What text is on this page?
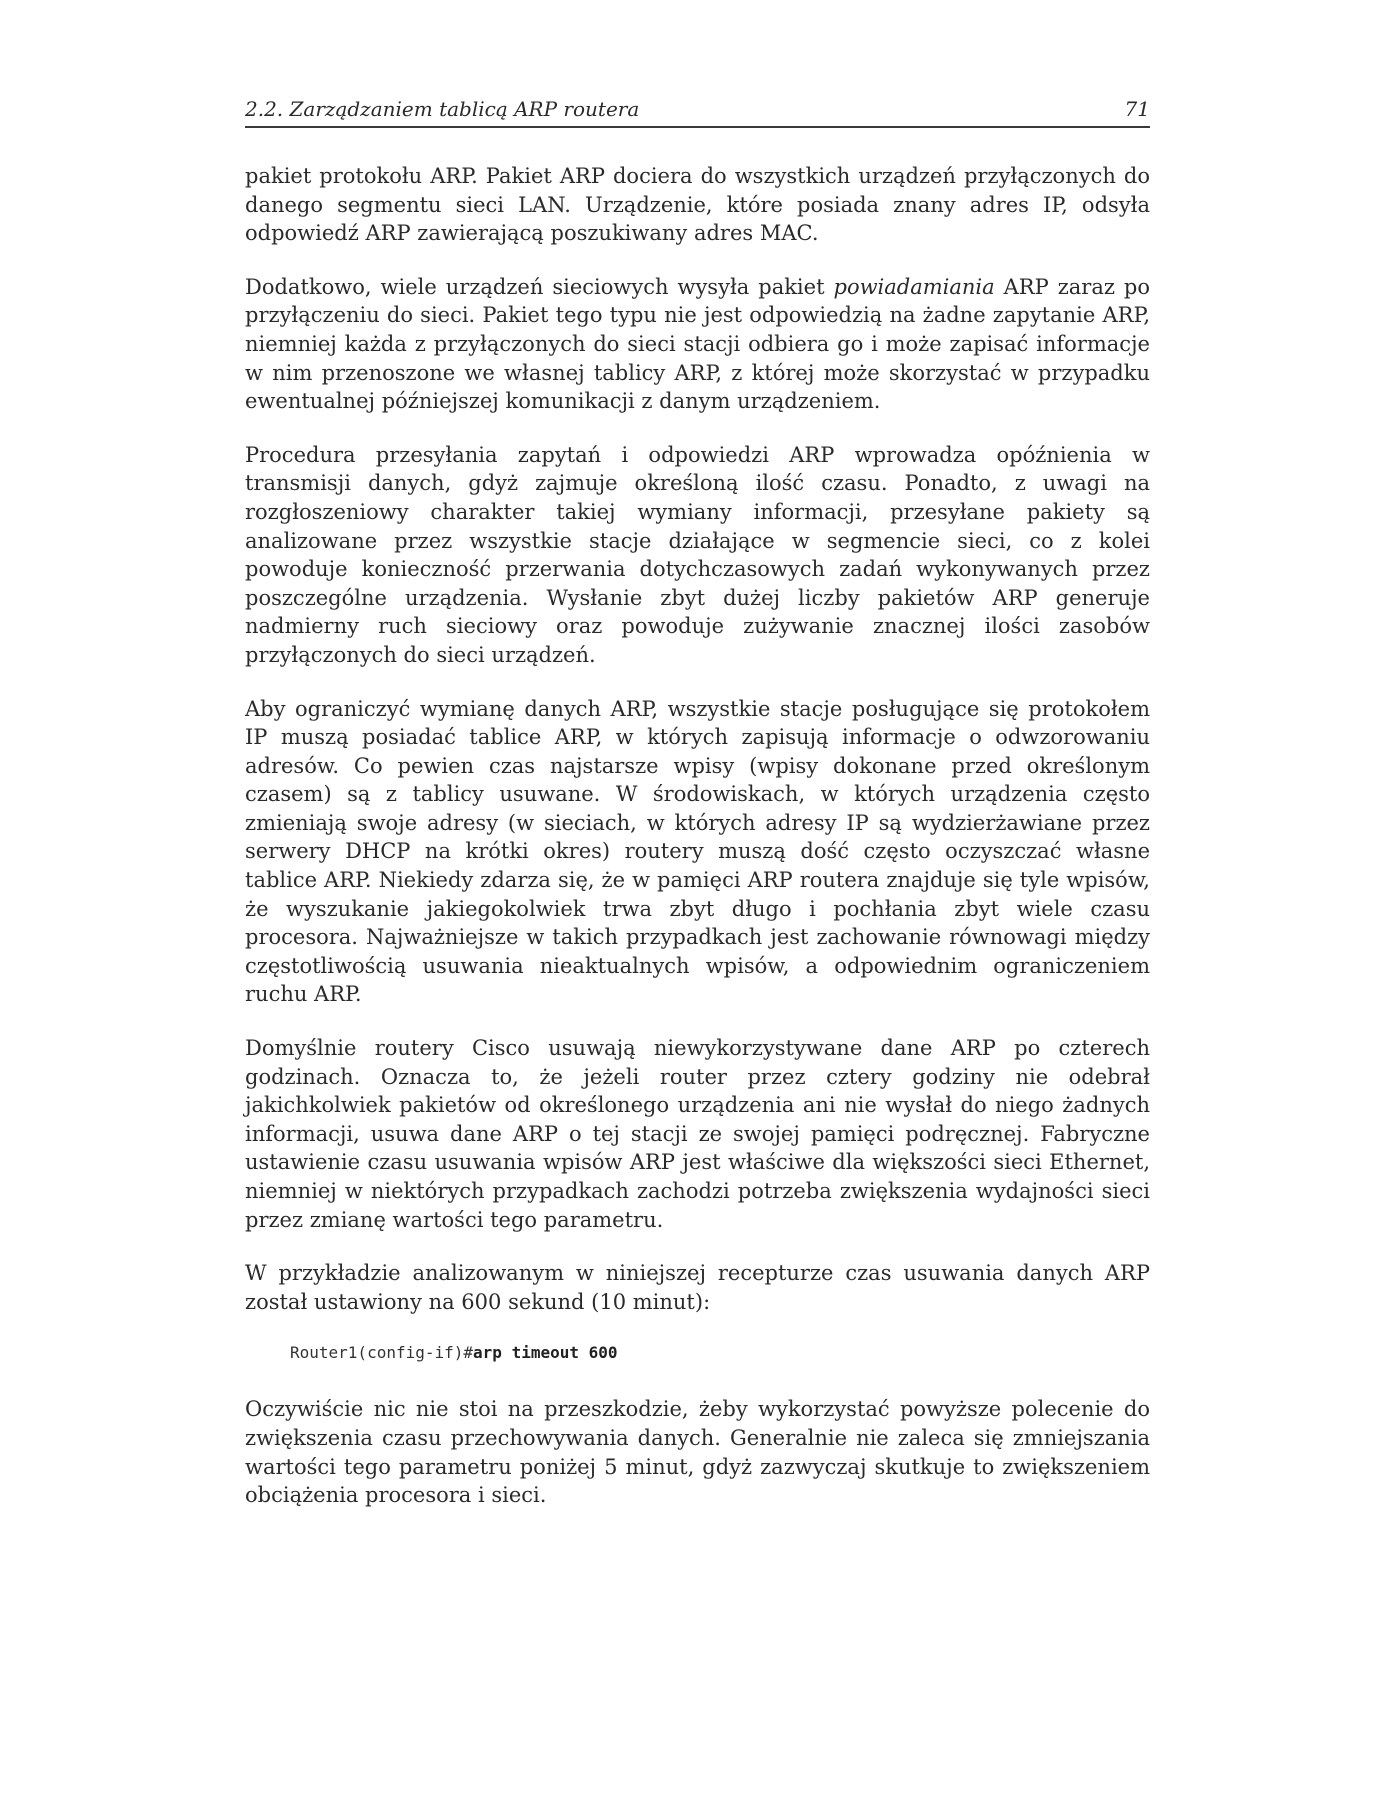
2.2. Zarządzaniem tablicą ARP routera	71

pakiet protokołu ARP. Pakiet ARP dociera do wszystkich urządzeń przyłączonych do danego segmentu sieci LAN. Urządzenie, które posiada znany adres IP, odsyła odpowiedź ARP zawierającą poszukiwany adres MAC.

Dodatkowo, wiele urządzeń sieciowych wysyła pakiet powiadamiania ARP zaraz po przyłączeniu do sieci. Pakiet tego typu nie jest odpowiedzią na żadne zapytanie ARP, niemniej każda z przyłączonych do sieci stacji odbiera go i może zapisać informacje w nim przenoszone we własnej tablicy ARP, z której może skorzystać w przypadku ewentualnej późniejszej komunikacji z danym urządzeniem.

Procedura przesyłania zapytań i odpowiedzi ARP wprowadza opóźnienia w transmisji danych, gdyż zajmuje określoną ilość czasu. Ponadto, z uwagi na rozgłoszeniowy charakter takiej wymiany informacji, przesyłane pakiety są analizowane przez wszystkie stacje działające w segmencie sieci, co z kolei powoduje konieczność przerwania dotychczasowych zadań wykonywanych przez poszczególne urządzenia. Wysłanie zbyt dużej liczby pakietów ARP generuje nadmierny ruch sieciowy oraz powoduje zużywanie znacznej ilości zasobów przyłączonych do sieci urządzeń.

Aby ograniczyć wymianę danych ARP, wszystkie stacje posługujące się protokołem IP muszą posiadać tablice ARP, w których zapisują informacje o odwzorowaniu adresów. Co pewien czas najstarsze wpisy (wpisy dokonane przed określonym czasem) są z tablicy usuwane. W środowiskach, w których urządzenia często zmieniają swoje adresy (w sieciach, w których adresy IP są wydzierżawiane przez serwery DHCP na krótki okres) routery muszą dość często oczyszczać własne tablice ARP. Niekiedy zdarza się, że w pamięci ARP routera znajduje się tyle wpisów, że wyszukanie jakiegokolwiek trwa zbyt długo i pochłania zbyt wiele czasu procesora. Najważniejsze w takich przypadkach jest zachowanie równowagi między częstotliwością usuwania nieaktualnych wpisów, a odpowiednim ograniczeniem ruchu ARP.

Domyślnie routery Cisco usuwają niewykorzystywane dane ARP po czterech godzinach. Oznacza to, że jeżeli router przez cztery godziny nie odebrał jakichkolwiek pakietów od określonego urządzenia ani nie wysłał do niego żadnych informacji, usuwa dane ARP o tej stacji ze swojej pamięci podręcznej. Fabryczne ustawienie czasu usuwania wpisów ARP jest właściwe dla większości sieci Ethernet, niemniej w niektórych przypadkach zachodzi potrzeba zwiększenia wydajności sieci przez zmianę wartości tego parametru.

W przykładzie analizowanym w niniejszej recepturze czas usuwania danych ARP został ustawiony na 600 sekund (10 minut):

Router1(config-if)#arp timeout 600

Oczywiście nic nie stoi na przeszkodzie, żeby wykorzystać powyższe polecenie do zwiększenia czasu przechowywania danych. Generalnie nie zaleca się zmniejszania wartości tego parametru poniżej 5 minut, gdyż zazwyczaj skutkuje to zwiększeniem obciążenia procesora i sieci.
